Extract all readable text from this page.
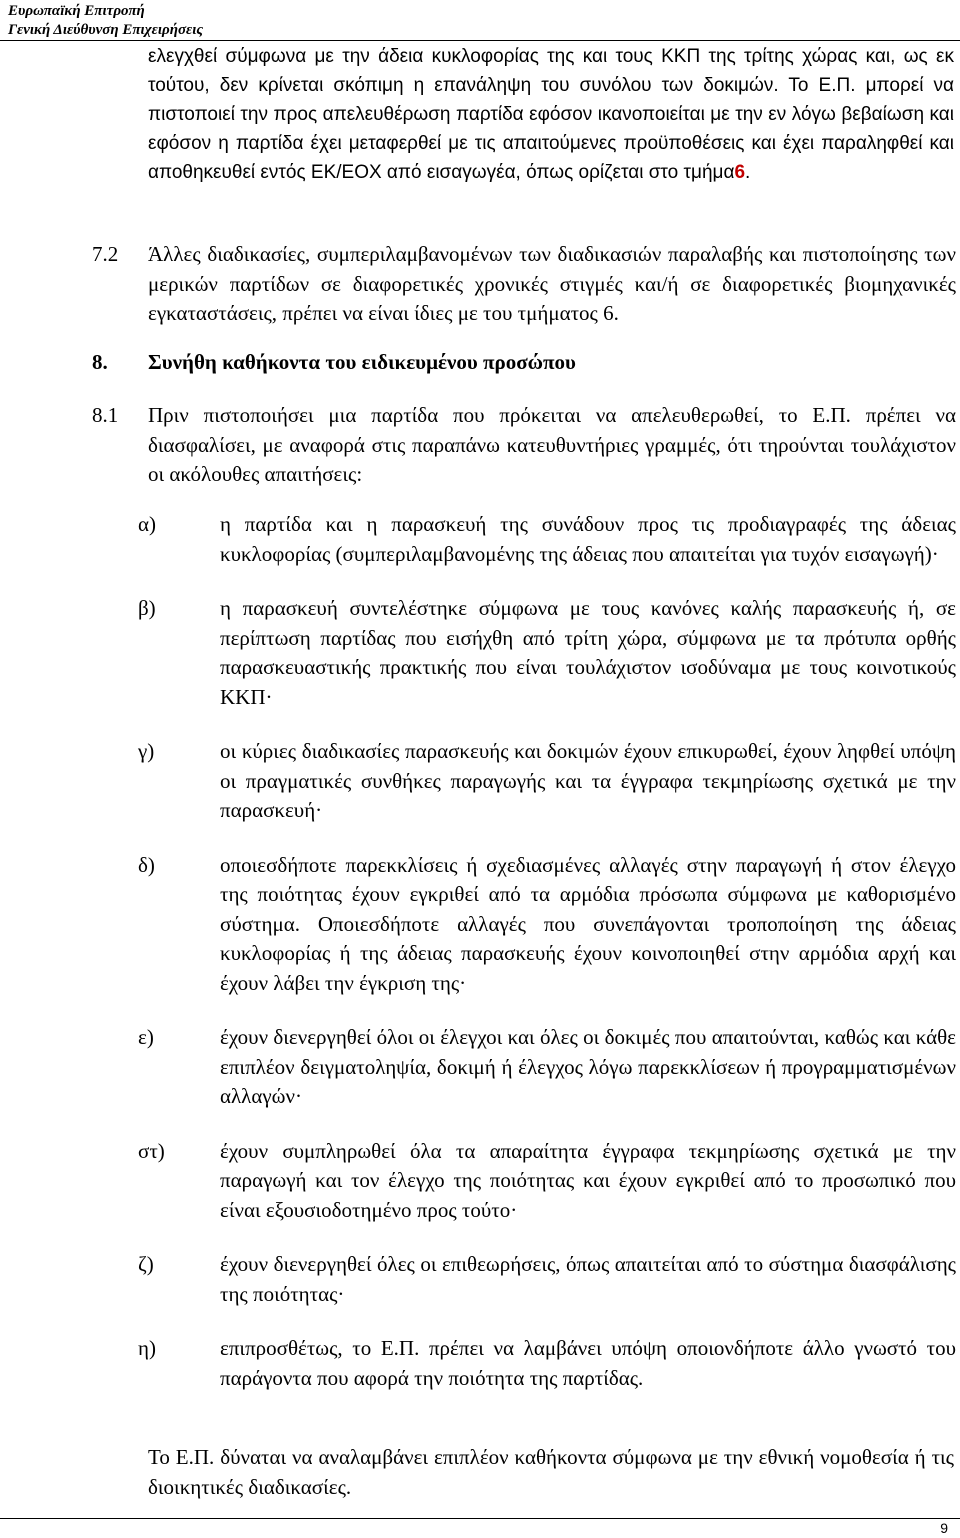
Ευρωπαϊκή Επιτροπή
Γενική Διεύθυνση Επιχειρήσεις
ελεγχθεί σύμφωνα με την άδεια κυκλοφορίας της και τους ΚΚΠ της τρίτης χώρας και, ως εκ τούτου, δεν κρίνεται σκόπιμη η επανάληψη του συνόλου των δοκιμών. Το Ε.Π. μπορεί να πιστοποιεί την προς απελευθέρωση παρτίδα εφόσον ικανοποιείται με την εν λόγω βεβαίωση και εφόσον η παρτίδα έχει μεταφερθεί με τις απαιτούμενες προϋποθέσεις και έχει παραληφθεί και αποθηκευθεί εντός ΕΚ/ΕΟΧ από εισαγωγέα, όπως ορίζεται στο τμήμα6.
7.2 Άλλες διαδικασίες, συμπεριλαμβανομένων των διαδικασιών παραλαβής και πιστοποίησης των μερικών παρτίδων σε διαφορετικές χρονικές στιγμές και/ή σε διαφορετικές βιομηχανικές εγκαταστάσεις, πρέπει να είναι ίδιες με του τμήματος 6.
8. Συνήθη καθήκοντα του ειδικευμένου προσώπου
8.1 Πριν πιστοποιήσει μια παρτίδα που πρόκειται να απελευθερωθεί, το Ε.Π. πρέπει να διασφαλίσει, με αναφορά στις παραπάνω κατευθυντήριες γραμμές, ότι τηρούνται τουλάχιστον οι ακόλουθες απαιτήσεις:
α)	η παρτίδα και η παρασκευή της συνάδουν προς τις προδιαγραφές της άδειας κυκλοφορίας (συμπεριλαμβανομένης της άδειας που απαιτείται για τυχόν εισαγωγή)·
β)	η παρασκευή συντελέστηκε σύμφωνα με τους κανόνες καλής παρασκευής ή, σε περίπτωση παρτίδας που εισήχθη από τρίτη χώρα, σύμφωνα με τα πρότυπα ορθής παρασκευαστικής πρακτικής που είναι τουλάχιστον ισοδύναμα με τους κοινοτικούς ΚΚΠ·
γ)	οι κύριες διαδικασίες παρασκευής και δοκιμών έχουν επικυρωθεί, έχουν ληφθεί υπόψη οι πραγματικές συνθήκες παραγωγής και τα έγγραφα τεκμηρίωσης σχετικά με την παρασκευή·
δ)	οποιεσδήποτε παρεκκλίσεις ή σχεδιασμένες αλλαγές στην παραγωγή ή στον έλεγχο της ποιότητας έχουν εγκριθεί από τα αρμόδια πρόσωπα σύμφωνα με καθορισμένο σύστημα. Οποιεσδήποτε αλλαγές που συνεπάγονται τροποποίηση της άδειας κυκλοφορίας ή της άδειας παρασκευής έχουν κοινοποιηθεί στην αρμόδια αρχή και έχουν λάβει την έγκριση της·
ε)	έχουν διενεργηθεί όλοι οι έλεγχοι και όλες οι δοκιμές που απαιτούνται, καθώς και κάθε επιπλέον δειγματοληψία, δοκιμή ή έλεγχος λόγω παρεκκλίσεων ή προγραμματισμένων αλλαγών·
στ)	έχουν συμπληρωθεί όλα τα απαραίτητα έγγραφα τεκμηρίωσης σχετικά με την παραγωγή και τον έλεγχο της ποιότητας και έχουν εγκριθεί από το προσωπικό που είναι εξουσιοδοτημένο προς τούτο·
ζ)	έχουν διενεργηθεί όλες οι επιθεωρήσεις, όπως απαιτείται από το σύστημα διασφάλισης της ποιότητας·
η)	επιπροσθέτως, το Ε.Π. πρέπει να λαμβάνει υπόψη οποιονδήποτε άλλο γνωστό του παράγοντα που αφορά την ποιότητα της παρτίδας.
Το Ε.Π. δύναται να αναλαμβάνει επιπλέον καθήκοντα σύμφωνα με την εθνική νομοθεσία ή τις διοικητικές διαδικασίες.
9
